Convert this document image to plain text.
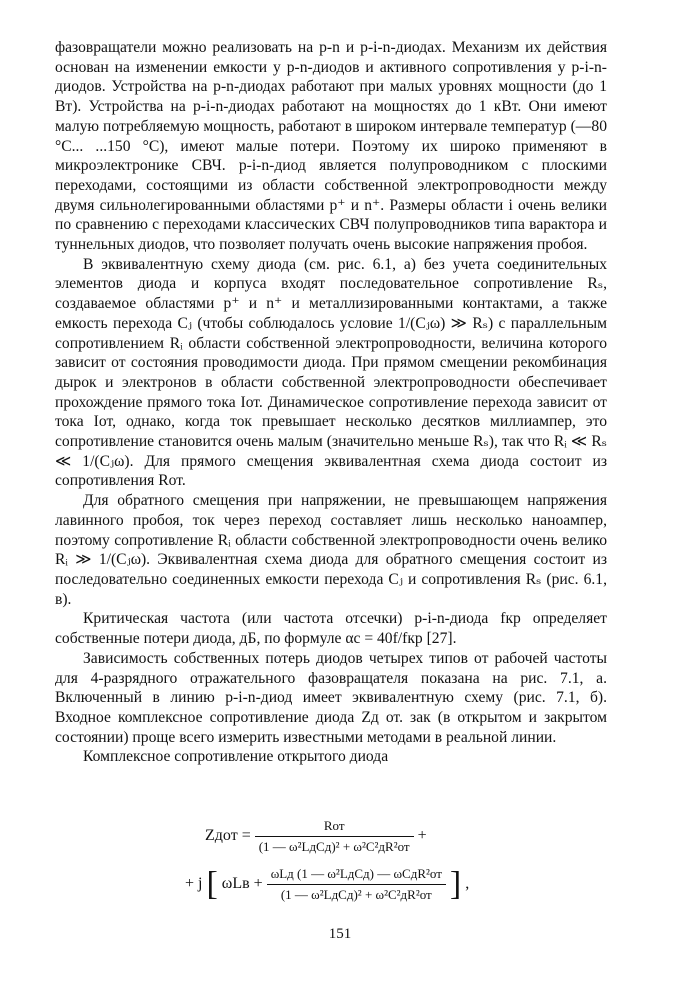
фазовращатели можно реализовать на p-n и p-i-n-диодах. Механизм их действия основан на изменении емкости у p-n-диодов и активного сопротивления у p-i-n-диодов. Устройства на p-n-диодах работают при малых уровнях мощности (до 1 Вт). Устройства на p-i-n-диодах работают на мощностях до 1 кВт. Они имеют малую потребляемую мощность, работают в широком интервале температур (—80 °С... ...150 °С), имеют малые потери. Поэтому их широко применяют в микроэлектронике СВЧ. p-i-n-диод является полупроводником с плоскими переходами, состоящими из области собственной электропроводности между двумя сильнолегированными областями p⁺ и n⁺. Размеры области i очень велики по сравнению с переходами классических СВЧ полупроводников типа варактора и туннельных диодов, что позволяет получать очень высокие напряжения пробоя.

В эквивалентную схему диода (см. рис. 6.1, а) без учета соединительных элементов диода и корпуса входят последовательное сопротивление Rₛ, создаваемое областями p⁺ и n⁺ и металлизированными контактами, а также емкость перехода Cⱼ (чтобы соблюдалось условие 1/(Cⱼω) ≫ Rₛ) с параллельным сопротивлением Rᵢ области собственной электропроводности, величина которого зависит от состояния проводимости диода. При прямом смещении рекомбинация дырок и электронов в области собственной электропроводности обеспечивает прохождение прямого тока Iот. Динамическое сопротивление перехода зависит от тока Iот, однако, когда ток превышает несколько десятков миллиампер, это сопротивление становится очень малым (значительно меньше Rₛ), так что Rᵢ ≪ Rₛ ≪ 1/(Cⱼω). Для прямого смещения эквивалентная схема диода состоит из сопротивления Rот.

Для обратного смещения при напряжении, не превышающем напряжения лавинного пробоя, ток через переход составляет лишь несколько наноампер, поэтому сопротивление Rᵢ области собственной электропроводности очень велико Rᵢ ≫ 1/(Cⱼω). Эквивалентная схема диода для обратного смещения состоит из последовательно соединенных емкости перехода Cⱼ и сопротивления Rₛ (рис. 6.1, в).

Критическая частота (или частота отсечки) p-i-n-диода fкр определяет собственные потери диода, дБ, по формуле αс = 40f/fкр [27].

Зависимость собственных потерь диодов четырех типов от рабочей частоты для 4-разрядного отражательного фазовращателя показана на рис. 7.1, а. Включенный в линию p-i-n-диод имеет эквивалентную схему (рис. 7.1, б). Входное комплексное сопротивление диода Zд от. зак (в открытом и закрытом состоянии) проще всего измерить известными методами в реальной линии.

Комплексное сопротивление открытого диода

Zдот = $\frac{\text{Rот}}{\text{(1 — ω²LдCд)² + ω²C²дR²от}}$ +
+ j [ $\omega Lв + \frac{\text{ωLд (1 — ω²LдCд) — ωCдR²от}}{\text{(1 — ω²LдCд)² + ω²C²дR²от}}$ ] ,
151
